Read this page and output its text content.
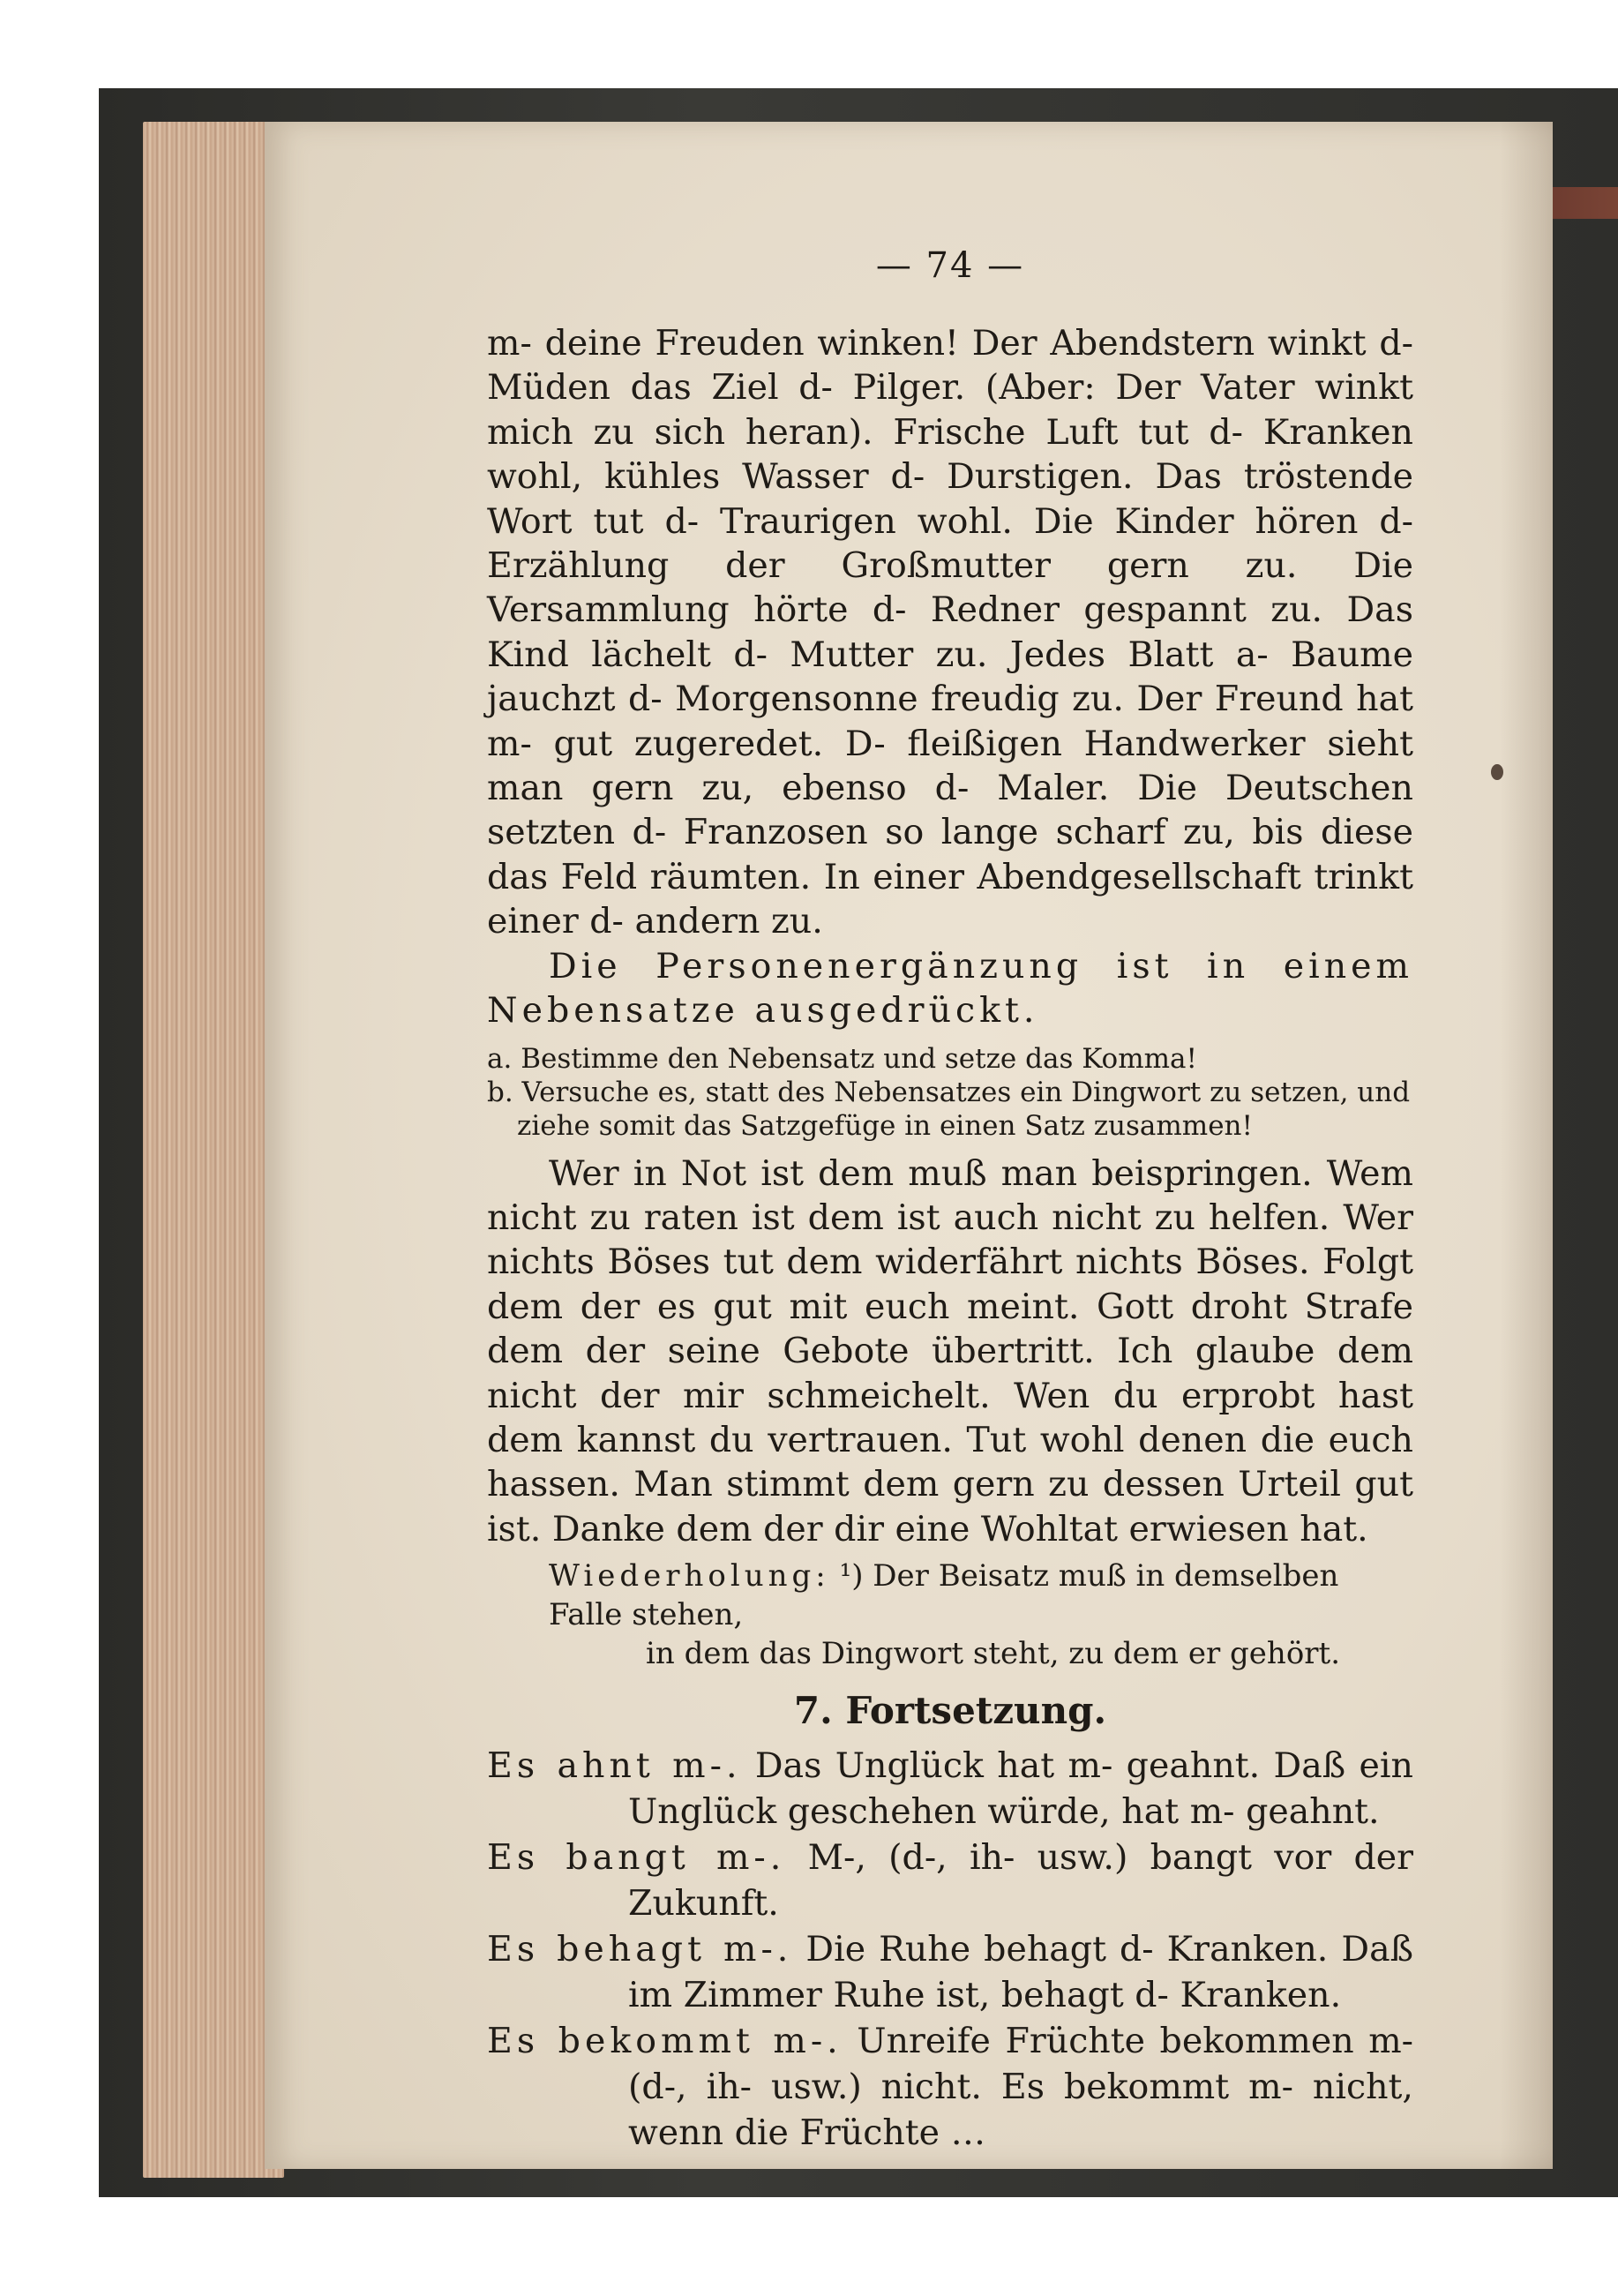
— 74 —

m- deine Freuden winken! Der Abendstern winkt d- Müden das Ziel d- Pilger. (Aber: Der Vater winkt mich zu sich heran). Frische Luft tut d- Kranken wohl, kühles Wasser d- Durstigen. Das tröstende Wort tut d- Traurigen wohl. Die Kinder hören d- Erzählung der Großmutter gern zu. Die Versammlung hörte d- Redner gespannt zu. Das Kind lächelt d- Mutter zu. Jedes Blatt a- Baume jauchzt d- Morgensonne freudig zu. Der Freund hat m- gut zugeredet. D- fleißigen Handwerker sieht man gern zu, ebenso d- Maler. Die Deutschen setzten d- Franzosen so lange scharf zu, bis diese das Feld räumten. In einer Abendgesellschaft trinkt einer d- andern zu.

Die Personenergänzung ist in einem Nebensatze ausgedrückt.

a. Bestimme den Nebensatz und setze das Komma!

b. Versuche es, statt des Nebensatzes ein Dingwort zu setzen, und ziehe somit das Satzgefüge in einen Satz zusammen!

Wer in Not ist dem muß man beispringen. Wem nicht zu raten ist dem ist auch nicht zu helfen. Wer nichts Böses tut dem widerfährt nichts Böses. Folgt dem der es gut mit euch meint. Gott droht Strafe dem der seine Gebote übertritt. Ich glaube dem nicht der mir schmeichelt. Wen du erprobt hast dem kannst du vertrauen. Tut wohl denen die euch hassen. Man stimmt dem gern zu dessen Urteil gut ist. Danke dem der dir eine Wohltat erwiesen hat.

Wiederholung: ¹) Der Beisatz muß in demselben Falle stehen,
in dem das Dingwort steht, zu dem er gehört.

7. Fortsetzung.

Es ahnt m-. Das Unglück hat m- geahnt. Daß ein Unglück geschehen würde, hat m- geahnt.

Es bangt m-. M-, (d-, ih- usw.) bangt vor der Zukunft.

Es behagt m-. Die Ruhe behagt d- Kranken. Daß im Zimmer Ruhe ist, behagt d- Kranken.

Es bekommt m-. Unreife Früchte bekommen m- (d-, ih- usw.) nicht. Es bekommt m- nicht, wenn die Früchte …
